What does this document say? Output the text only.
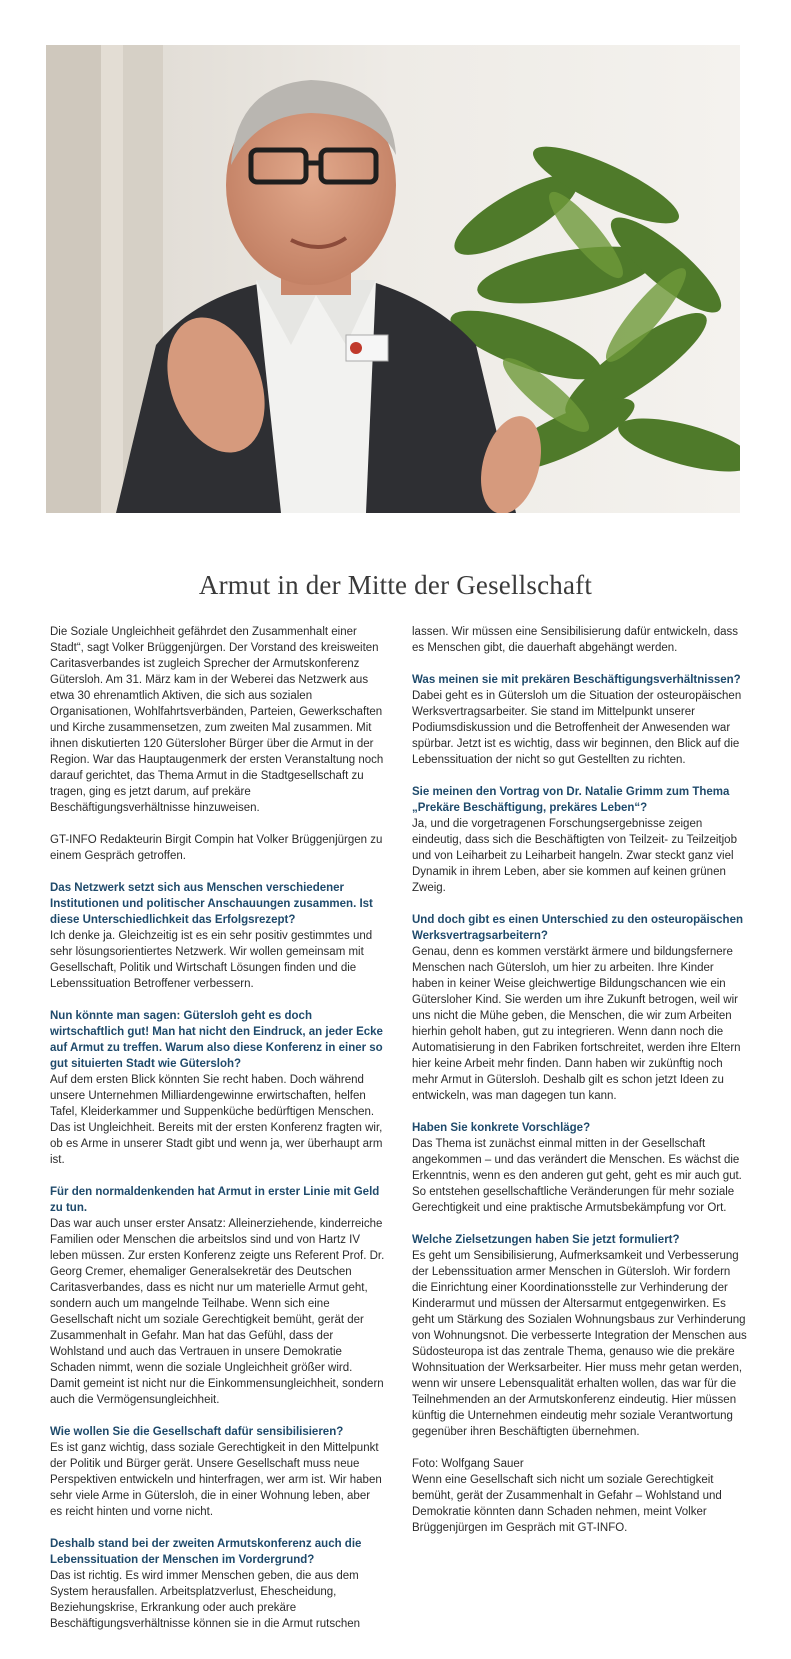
Armut in der Mitte der Gesellschaft

Die Soziale Ungleichheit gefährdet den Zusammenhalt einer Stadt“, sagt Volker Brüggenjürgen. Der Vorstand des kreisweiten Caritasverbandes ist zugleich Sprecher der Armutskonferenz Gütersloh. Am 31. März kam in der Weberei das Netzwerk aus etwa 30 ehrenamtlich Aktiven, die sich aus sozialen Organisationen, Wohlfahrtsverbänden, Parteien, Gewerkschaften und Kirche zusammensetzen, zum zweiten Mal zusammen. Mit ihnen diskutierten 120 Gütersloher Bürger über die Armut in der Region. War das Hauptaugenmerk der ersten Veranstaltung noch darauf gerichtet, das Thema Armut in die Stadtgesellschaft zu tragen, ging es jetzt darum, auf prekäre Beschäftigungsverhältnisse hinzuweisen.

GT-INFO Redakteurin Birgit Compin hat Volker Brüggenjürgen zu einem Gespräch getroffen.

Das Netzwerk setzt sich aus Menschen verschiedener Institutionen und politischer Anschauungen zusammen. Ist diese Unterschiedlichkeit das Erfolgsrezept?

Ich denke ja. Gleichzeitig ist es ein sehr positiv gestimmtes und sehr lösungsorientiertes Netzwerk. Wir wollen gemeinsam mit Gesellschaft, Politik und Wirtschaft Lösungen finden und die Lebenssituation Betroffener verbessern.

Nun könnte man sagen: Gütersloh geht es doch wirtschaftlich gut! Man hat nicht den Eindruck, an jeder Ecke auf Armut zu treffen. Warum also diese Konferenz in einer so gut situierten Stadt wie Gütersloh?

Auf dem ersten Blick könnten Sie recht haben. Doch während unsere Unternehmen Milliardengewinne erwirtschaften, helfen Tafel, Kleiderkammer und Suppenküche bedürftigen Menschen. Das ist Ungleichheit. Bereits mit der ersten Konferenz fragten wir, ob es Arme in unserer Stadt gibt und wenn ja, wer überhaupt arm ist.

Für den normaldenkenden hat Armut in erster Linie mit Geld zu tun.

Das war auch unser erster Ansatz: Alleinerziehende, kinderreiche Familien oder Menschen die arbeitslos sind und von Hartz IV leben müssen. Zur ersten Konferenz zeigte uns Referent Prof. Dr. Georg Cremer, ehemaliger Generalsekretär des Deutschen Caritasverbandes, dass es nicht nur um materielle Armut geht, sondern auch um mangelnde Teilhabe. Wenn sich eine Gesellschaft nicht um soziale Gerechtigkeit bemüht, gerät der Zusammenhalt in Gefahr. Man hat das Gefühl, dass der Wohlstand und auch das Vertrauen in unsere Demokratie Schaden nimmt, wenn die soziale Ungleichheit größer wird. Damit gemeint ist nicht nur die Einkommensungleichheit, sondern auch die Vermögensungleichheit.

Wie wollen Sie die Gesellschaft dafür sensibilisieren?

Es ist ganz wichtig, dass soziale Gerechtigkeit in den Mittelpunkt der Politik und Bürger gerät. Unsere Gesellschaft muss neue Perspektiven entwickeln und hinterfragen, wer arm ist. Wir haben sehr viele Arme in Gütersloh, die in einer Wohnung leben, aber es reicht hinten und vorne nicht.

Deshalb stand bei der zweiten Armutskonferenz auch die Lebenssituation der Menschen im Vordergrund?

Das ist richtig. Es wird immer Menschen geben, die aus dem System herausfallen. Arbeitsplatzverlust, Ehescheidung, Beziehungskrise, Erkrankung oder auch prekäre Beschäftigungsverhältnisse können sie in die Armut rutschen

lassen. Wir müssen eine Sensibilisierung dafür entwickeln, dass es Menschen gibt, die dauerhaft abgehängt werden.

Was meinen sie mit prekären Beschäftigungsverhältnissen?

Dabei geht es in Gütersloh um die Situation der osteuropäischen Werksvertragsarbeiter. Sie stand im Mittelpunkt unserer Podiumsdiskussion und die Betroffenheit der Anwesenden war spürbar. Jetzt ist es wichtig, dass wir beginnen, den Blick auf die Lebenssituation der nicht so gut Gestellten zu richten.

Sie meinen den Vortrag von Dr. Natalie Grimm zum Thema „Prekäre Beschäftigung, prekäres Leben“?

Ja, und die vorgetragenen Forschungsergebnisse zeigen eindeutig, dass sich die Beschäftigten von Teilzeit- zu Teilzeitjob und von Leiharbeit zu Leiharbeit hangeln. Zwar steckt ganz viel Dynamik in ihrem Leben, aber sie kommen auf keinen grünen Zweig.

Und doch gibt es einen Unterschied zu den osteuropäischen Werksvertragsarbeitern?

Genau, denn es kommen verstärkt ärmere und bildungsfernere Menschen nach Gütersloh, um hier zu arbeiten. Ihre Kinder haben in keiner Weise gleichwertige Bildungschancen wie ein Gütersloher Kind. Sie werden um ihre Zukunft betrogen, weil wir uns nicht die Mühe geben, die Menschen, die wir zum Arbeiten hierhin geholt haben, gut zu integrieren. Wenn dann noch die Automatisierung in den Fabriken fortschreitet, werden ihre Eltern hier keine Arbeit mehr finden. Dann haben wir zukünftig noch mehr Armut in Gütersloh. Deshalb gilt es schon jetzt Ideen zu entwickeln, was man dagegen tun kann.

Haben Sie konkrete Vorschläge?

Das Thema ist zunächst einmal mitten in der Gesellschaft angekommen – und das verändert die Menschen. Es wächst die Erkenntnis, wenn es den anderen gut geht, geht es mir auch gut. So entstehen gesellschaftliche Veränderungen für mehr soziale Gerechtigkeit und eine praktische Armutsbekämpfung vor Ort.

Welche Zielsetzungen haben Sie jetzt formuliert?

Es geht um Sensibilisierung, Aufmerksamkeit und Verbesserung der Lebenssituation armer Menschen in Gütersloh. Wir fordern die Einrichtung einer Koordinationsstelle zur Verhinderung der Kinderarmut und müssen der Altersarmut entgegenwirken. Es geht um Stärkung des Sozialen Wohnungsbaus zur Verhinderung von Wohnungsnot. Die verbesserte Integration der Menschen aus Südosteuropa ist das zentrale Thema, genauso wie die prekäre Wohnsituation der Werksarbeiter. Hier muss mehr getan werden, wenn wir unsere Lebensqualität erhalten wollen, das war für die Teilnehmenden an der Armutskonferenz eindeutig. Hier müssen künftig die Unternehmen eindeutig mehr soziale Verantwortung gegenüber ihren Beschäftigten übernehmen.

Foto: Wolfgang Sauer

Wenn eine Gesellschaft sich nicht um soziale Gerechtigkeit bemüht, gerät der Zusammenhalt in Gefahr – Wohlstand und Demokratie könnten dann Schaden nehmen, meint Volker Brüggenjürgen im Gespräch mit GT-INFO.
